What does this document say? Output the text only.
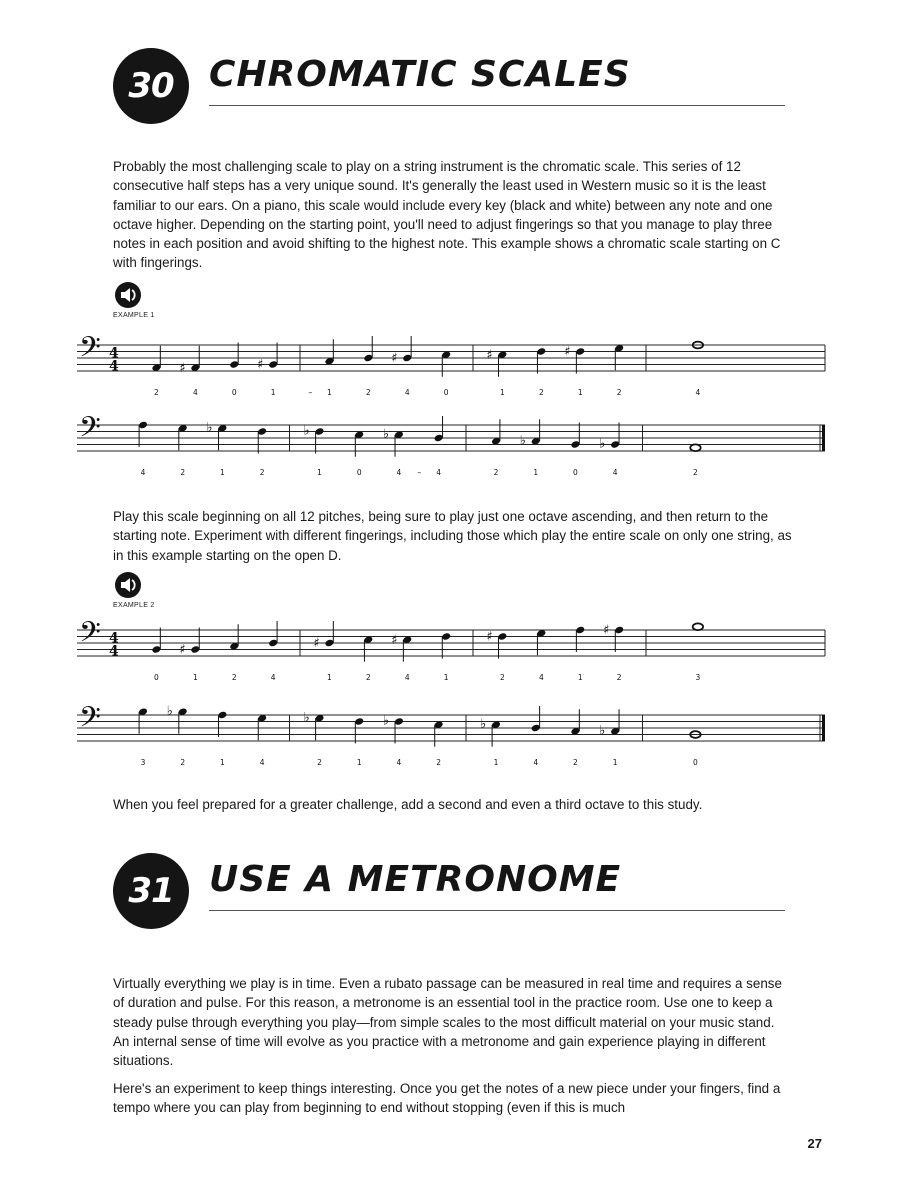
30 CHROMATIC SCALES

Probably the most challenging scale to play on a string instrument is the chromatic scale. This series of 12 consecutive half steps has a very unique sound. It's generally the least used in Western music so it is the least familiar to our ears. On a piano, this scale would include every key (black and white) between any note and one octave higher. Depending on the starting point, you'll need to adjust fingerings so that you manage to play three notes in each position and avoid shifting to the highest note. This example shows a chromatic scale starting on C with fingerings.

EXAMPLE 1
𝄢 4
4
2
♯
4	0
♯
1	– 1	2
♯
4	0
♯
1	2
♯
1	2	4
𝄢
4	2
♭
1	2
♭
1	0
♭
4 – 4	2
♭
1	0
♭
4	2

Play this scale beginning on all 12 pitches, being sure to play just one octave ascending, and then return to the starting note. Experiment with different fingerings, including those which play the entire scale on only one string, as in this example starting on the open D.

EXAMPLE 2
𝄢 4
4
0
♯
1	2	4
♯
1	2
♯
4	1
♯
2	4	1
♯
2	3
𝄢
3
♭
2	1	4
♭
2	1
♭
4	2
♭
1	4	2
♭
1	0

When you feel prepared for a greater challenge, add a second and even a third octave to this study.

31 USE A METRONOME

Virtually everything we play is in time. Even a rubato passage can be measured in real time and requires a sense of duration and pulse. For this reason, a metronome is an essential tool in the practice room. Use one to keep a steady pulse through everything you play—from simple scales to the most difficult material on your music stand. An internal sense of time will evolve as you practice with a metronome and gain experience playing in different situations.

Here's an experiment to keep things interesting. Once you get the notes of a new piece under your fingers, find a tempo where you can play from beginning to end without stopping (even if this is much

27
